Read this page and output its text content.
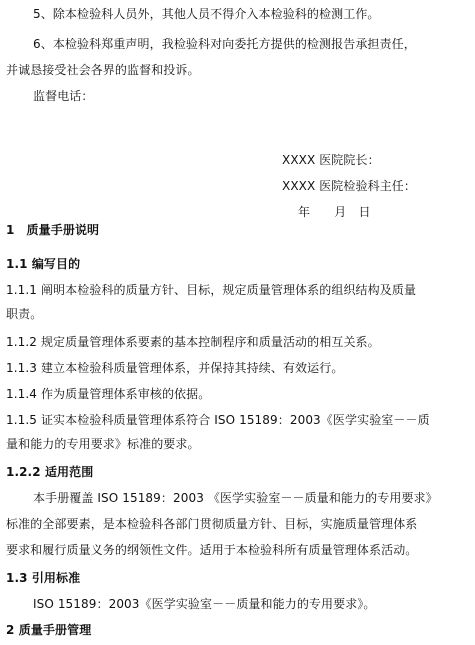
5、除本检验科人员外，其他人员不得介入本检验科的检测工作。
6、本检验科郑重声明，我检验科对向委托方提供的检测报告承担责任，
并诚恳接受社会各界的监督和投诉。
监督电话：
XXXX 医院院长：
XXXX 医院检验科主任：
年　　月　日
1　质量手册说明
1.1 编写目的
1.1.1 阐明本检验科的质量方针、目标，规定质量管理体系的组织结构及质量
职责。
1.1.2 规定质量管理体系要素的基本控制程序和质量活动的相互关系。
1.1.3 建立本检验科质量管理体系，并保持其持续、有效运行。
1.1.4 作为质量管理体系审核的依据。
1.1.5 证实本检验科质量管理体系符合 ISO 15189：2003《医学实验室－－质
量和能力的专用要求》标准的要求。
1.2.2 适用范围
本手册覆盖 ISO 15189：2003 《医学实验室－－质量和能力的专用要求》
标准的全部要素，是本检验科各部门贯彻质量方针、目标，实施质量管理体系
要求和履行质量义务的纲领性文件。适用于本检验科所有质量管理体系活动。
1.3 引用标准
ISO 15189：2003《医学实验室－－质量和能力的专用要求》。
2 质量手册管理
